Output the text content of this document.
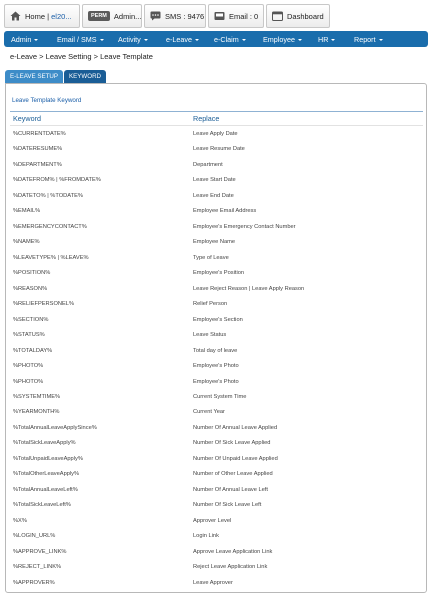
Home | el20...	PERM Admin...	SMS : 9476	Email : 0	Dashboard
Admin	Email / SMS	Activity	e-Leave	e-Claim	Employee	HR	Report
e-Leave > Leave Setting > Leave Template
E-LEAVE SETUP	KEYWORD
Leave Template Keyword
Keyword	Replace
%CURRENTDATE%	Leave Apply Date
%DATERESUME%	Leave Resume Date
%DEPARTMENT%	Department
%DATEFROM% | %FROMDATE%	Leave Start Date
%DATETO% | %TODATE%	Leave End Date
%EMAIL%	Employee Email Address
%EMERGENCYCONTACT%	Employee's Emergency Contact Number
%NAME%	Employee Name
%LEAVETYPE% | %LEAVE%	Type of Leave
%POSITION%	Employee's Position
%REASON%	Leave Reject Reason | Leave Apply Reason
%RELIEFPERSONEL%	Relief Person
%SECTION%	Employee's Section
%STATUS%	Leave Status
%TOTALDAY%	Total day of leave
%PHOTO%	Employee's Photo
%PHOTO%	Employee's Photo
%SYSTEMTIME%	Current System Time
%YEARMONTH%	Current Year
%TotalAnnualLeaveApplySince%	Number Of Annual Leave Applied
%TotalSickLeaveApply%	Number Of Sick Leave Applied
%TotalUnpaidLeaveApply%	Number Of Unpaid Leave Applied
%TotalOtherLeaveApply%	Number of Other Leave Applied
%TotalAnnualLeaveLeft%	Number Of Annual Leave Left
%TotalSickLeaveLeft%	Number Of Sick Leave Left
%X%	Approver Level
%LOGIN_URL%	Login Link
%APPROVE_LINK%	Approve Leave Application Link
%REJECT_LINK%	Reject Leave Application Link
%APPROVER%	Leave Approver
